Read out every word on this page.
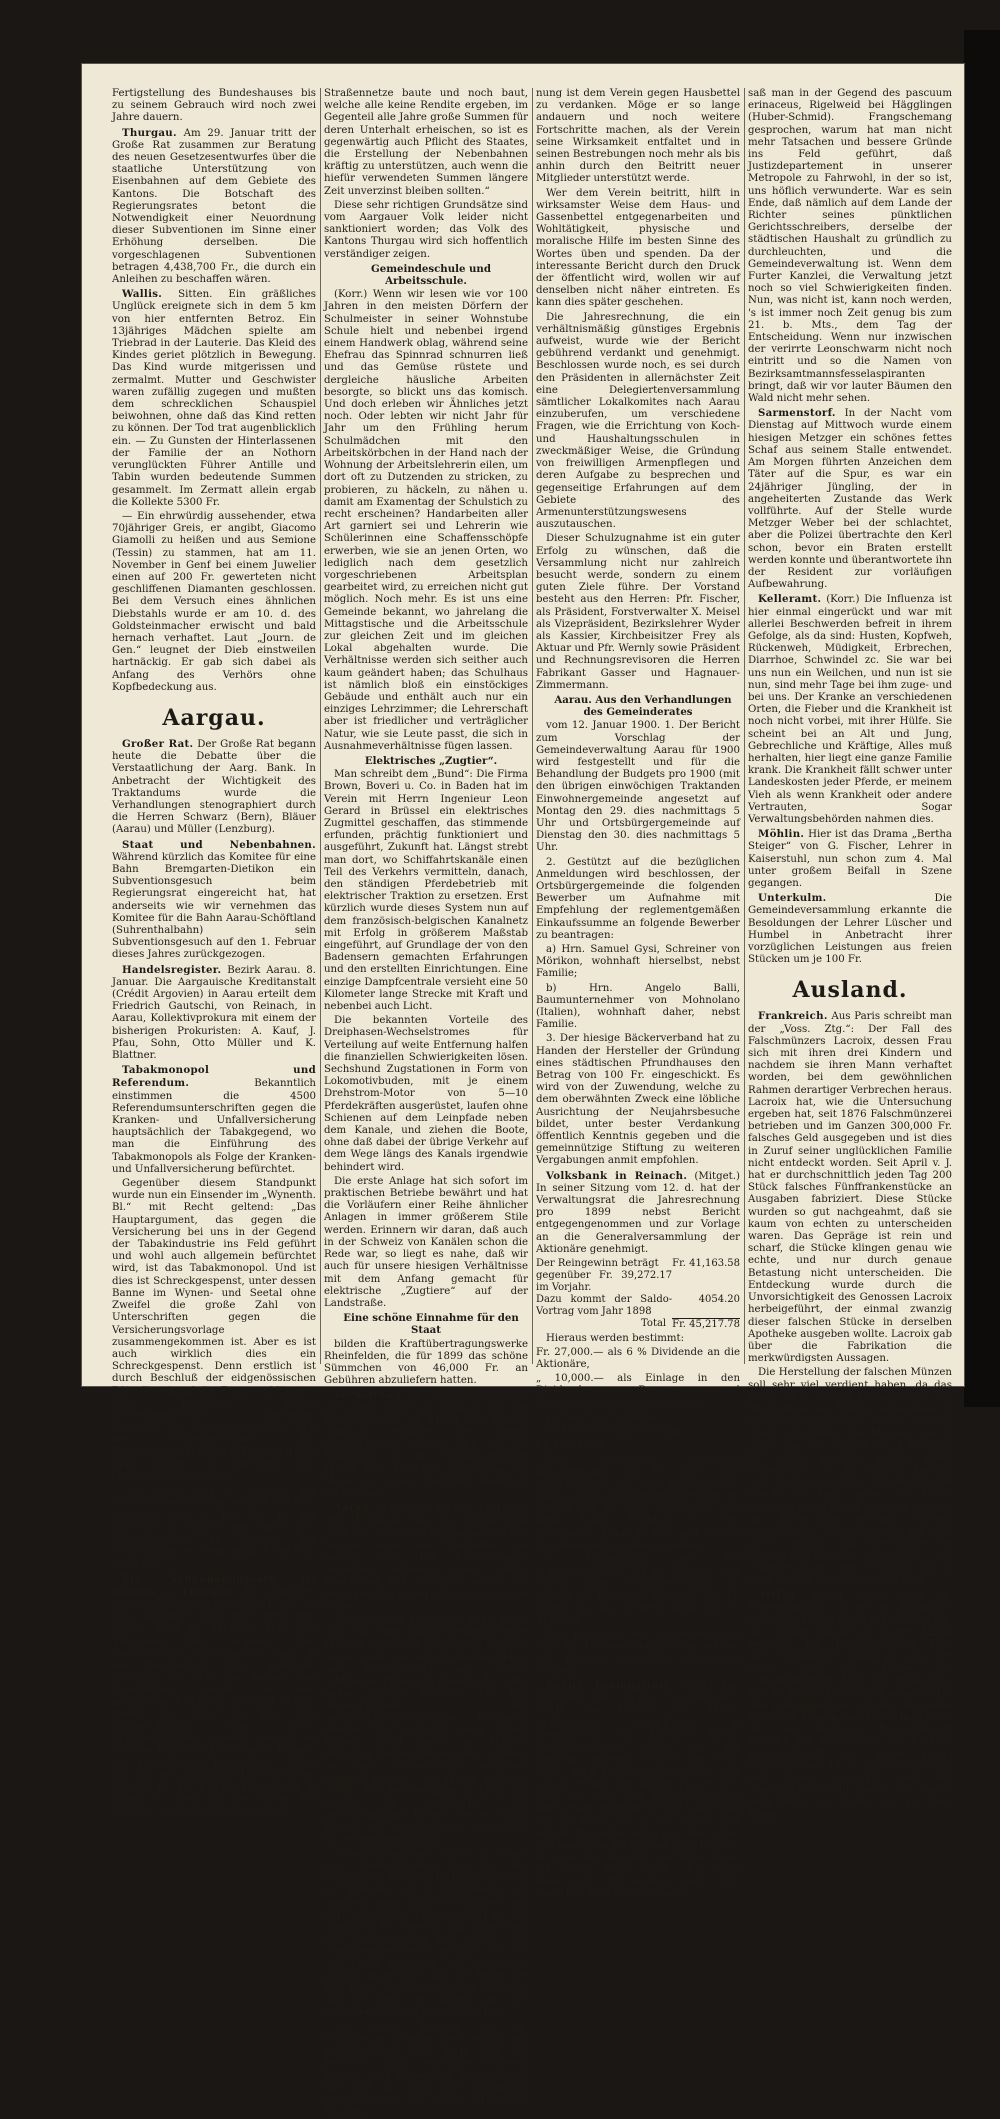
Fertigstellung des Bundeshauses bis zu seinem Gebrauch wird noch zwei Jahre dauern.

Thurgau. Am 29. Januar tritt der Große Rat zusammen zur Beratung des neuen Gesetzesentwurfes über die staatliche Unterstützung von Eisenbahnen auf dem Gebiete des Kantons. Die Botschaft des Regierungsrates betont die Notwendigkeit einer Neuordnung dieser Subventionen im Sinne einer Erhöhung derselben. Die vorgeschlagenen Subventionen betragen 4,438,700 Fr., die durch ein Anleihen zu beschaffen wären.

Wallis. Sitten. Ein gräßliches Unglück ereignete sich in dem 5 km von hier entfernten Betroz. Ein 13jähriges Mädchen spielte am Triebrad in der Lauterie. Das Kleid des Kindes geriet plötzlich in Bewegung. Das Kind wurde mitgerissen und zermalmt. Mutter und Geschwister waren zufällig zugegen und mußten dem schrecklichen Schauspiel beiwohnen, ohne daß das Kind retten zu können. Der Tod trat augenblicklich ein. — Zu Gunsten der Hinterlassenen der Familie der an Nothorn verunglückten Führer Antille und Tabin wurden bedeutende Summen gesammelt. Im Zermatt allein ergab die Kollekte 5300 Fr.

— Ein ehrwürdig aussehender, etwa 70jähriger Greis, er angibt, Giacomo Giamolli zu heißen und aus Semione (Tessin) zu stammen, hat am 11. November in Genf bei einem Juwelier einen auf 200 Fr. gewerteten nicht geschliffenen Diamanten geschlossen. Bei dem Versuch eines ähnlichen Diebstahls wurde er am 10. d. des Goldsteinmacher erwischt und bald hernach verhaftet. Laut „Journ. de Gen.“ leugnet der Dieb einstweilen hartnäckig. Er gab sich dabei als Anfang des Verhörs ohne Kopfbedeckung aus.

Aargau.

Großer Rat. Der Große Rat begann heute die Debatte über die Verstaatlichung der Aarg. Bank. In Anbetracht der Wichtigkeit des Traktandums wurde die Verhandlungen stenographiert durch die Herren Schwarz (Bern), Bläuer (Aarau) und Müller (Lenzburg).

Staat und Nebenbahnen. Während kürzlich das Komitee für eine Bahn Bremgarten-Dietikon ein Subventionsgesuch beim Regierungsrat eingereicht hat, hat anderseits wie wir vernehmen das Komitee für die Bahn Aarau-Schöftland (Suhrenthalbahn) sein Subventionsgesuch auf den 1. Februar dieses Jahres zurückgezogen.

Handelsregister. Bezirk Aarau. 8. Januar. Die Aargauische Kreditanstalt (Crédit Argovien) in Aarau erteilt dem Friedrich Gautschi, von Reinach, in Aarau, Kollektivprokura mit einem der bisherigen Prokuristen: A. Kauf, J. Pfau, Sohn, Otto Müller und K. Blattner.

Tabakmonopol und Referendum.	Bekanntlich einstimmen die 4500 Referendumsunterschriften gegen die Kranken- und Unfallversicherung hauptsächlich der Tabakgegend, wo man die Einführung des Tabakmonopols als Folge der Kranken- und Unfallversicherung befürchtet.

Gegenüber diesem Standpunkt wurde nun ein Einsender im „Wynenth. Bl.“ mit Recht geltend: „Das Hauptargument, das gegen die Versicherung bei uns in der Gegend der Tabakindustrie ins Feld geführt und wohl auch allgemein befürchtet wird, ist das Tabakmonopol. Und ist dies ist Schreckgespenst, unter dessen Banne im Wynen- und Seetal ohne Zweifel die große Zahl von Unterschriften gegen die Versicherungsvorlage zusammengekommen ist. Aber es ist auch wirklich dies ein Schreckgespenst. Denn erstlich ist durch Beschluß der eidgenössischen Räte für einmal die Frage auf längere Zeit begraben. Einem Wiederauferstehen derselben begegnet der monopolfeindliche Sinn des Schweizervolkes. Ein Zeitungsgesetz, das mit Tabak auf den Kopf gestellt ist unterlegt sich vielmehr dem Monopol.

Und wenn auch zu Gunsten der Versicherung — wenn nämlich das Volk zugeben wird — hat der in der Industrie zu Gunsten des Opfers, das dahinschwinde, zu Gunsten der Versicherung — wenn nämlich das Volk nicht will.“

Ein Nebenbahngesetz im Kanton — Thurgau. Ein ähnliches Nebenbahn-Subventionsgesetz, wie es vom Aargauer Volk jetzt verworfen wurde, wird im nächster Zeit dem Thurgauer Volk vorgelegt. Der thurgauische Regierungsrat sagt in der Begründung unter anderem: „Solange es sich um Anlage von Eisenbahnen handelt, die eine ordentliche Rendite in Aussicht stellen, finden sich leicht die Bau- und Betriebskapital ohne große Schwierigkeiten. Anders verhält es sich bei Bahnstrecken zweiten Ranges mit zweifelhafter Rentabilität, deren Bau nur mit staatlicher Unterstützung möglich ist. Die Eisenbahnen treten je länger je mehr an die Stelle der Straßen, und wie der Staat früher

Straßennetze baute und noch baut, welche alle keine Rendite ergeben, im Gegenteil alle Jahre große Summen für deren Unterhalt erheischen, so ist es gegenwärtig auch Pflicht des Staates, die Erstellung der Nebenbahnen kräftig zu unterstützen, auch wenn die hiefür verwendeten Summen längere Zeit unverzinst bleiben sollten.“

Diese sehr richtigen Grundsätze sind vom Aargauer Volk leider nicht sanktioniert worden; das Volk des Kantons Thurgau wird sich hoffentlich verständiger zeigen.

Gemeindeschule und Arbeitsschule.

(Korr.) Wenn wir lesen wie vor 100 Jahren in den meisten Dörfern der Schulmeister in seiner Wohnstube Schule hielt und nebenbei irgend einem Handwerk oblag, während seine Ehefrau das Spinnrad schnurren ließ und das Gemüse rüstete und dergleiche häusliche Arbeiten besorgte, so blickt uns das komisch. Und doch erleben wir Ähnliches jetzt noch. Oder lebten wir nicht Jahr für Jahr um den Frühling herum Schulmädchen mit den Arbeitskörbchen in der Hand nach der Wohnung der Arbeitslehrerin eilen, um dort oft zu Dutzenden zu stricken, zu probieren, zu häckeln, zu nähen u. damit am Examentag der Schulstich zu recht erscheinen? Handarbeiten aller Art garniert sei und Lehrerin wie Schülerinnen eine Schaffensschöpfe erwerben, wie sie an jenen Orten, wo lediglich nach dem gesetzlich vorgeschriebenen Arbeitsplan gearbeitet wird, zu erreichen nicht gut möglich. Noch mehr. Es ist uns eine Gemeinde bekannt, wo jahrelang die Mittagstische und die Arbeitsschule zur gleichen Zeit und im gleichen Lokal abgehalten wurde. Die Verhältnisse werden sich seither auch kaum geändert haben; das Schulhaus ist nämlich bloß ein einstöckiges Gebäude und enthält auch nur ein einziges Lehrzimmer; die Lehrerschaft aber ist friedlicher und verträglicher Natur, wie sie Leute passt, die sich in Ausnahmeverhältnisse fügen lassen.

Elektrisches „Zugtier“.

Man schreibt dem „Bund“: Die Firma Brown, Boveri u. Co. in Baden hat im Verein mit Herrn Ingenieur Leon Gerard in Brüssel ein elektrisches Zugmittel geschaffen, das stimmende erfunden, prächtig funktioniert und ausgeführt, Zukunft hat. Längst strebt man dort, wo Schiffahrtskanäle einen Teil des Verkehrs vermitteln, danach, den ständigen Pferdebetrieb mit elektrischer Traktion zu ersetzen. Erst kürzlich wurde dieses System nun auf dem französisch-belgischen Kanalnetz mit Erfolg in größerem Maßstab eingeführt, auf Grundlage der von den Badensern gemachten Erfahrungen und den erstellten Einrichtungen. Eine einzige Dampfcentrale versieht eine 50 Kilometer lange Strecke mit Kraft und nebenbei auch Licht.

Die bekannten Vorteile des Dreiphasen-Wechselstromes für Verteilung auf weite Entfernung halfen die finanziellen Schwierigkeiten lösen. Sechshund Zugstationen in Form von Lokomotivbuden, mit je einem Drehstrom-Motor von 5—10 Pferdekräften ausgerüstet, laufen ohne Schienen auf dem Leinpfade neben dem Kanale, und ziehen die Boote, ohne daß dabei der übrige Verkehr auf dem Wege längs des Kanals irgendwie behindert wird.

Die erste Anlage hat sich sofort im praktischen Betriebe bewährt und hat die Vorläufern einer Reihe ähnlicher Anlagen in immer größerem Stile werden. Erinnern wir daran, daß auch in der Schweiz von Kanälen schon die Rede war, so liegt es nahe, daß wir auch für unsere hiesigen Verhältnisse mit dem Anfang gemacht für elektrische „Zugtiere“ auf der Landstraße.

Eine schöne Einnahme für den Staat

bilden die Kraftübertragungswerke Rheinfelden, die für 1899 das schöne Sümmchen von 46,000 Fr. an Gebühren abzuliefern hatten.

Verhaftung. In der Untauerstraße zu Luzern wurde am Samstag von der Kantonspolizei ein Meier von Bettwil (Aargau) verhaftet, der wegen Straßenraubes verfolgt wird und des Einbruchs in die Stationsgebäude Mosen und Hitzkirch verdächtig ist. Meier ist wegen Diebstahl mehrfach vorbestraft.

Aarau. (Korresp.) Letzten Mittwoch den 10. Januar fand im Gasthof zum „Ochsen“ die Generalversammlung des Vereins gegen den Hausbettel von Aarau statt. Die Bestrebungen desselben verdienen unsere vollste Beachtung und deswegen lassen wir auch eine kurze Berichterstattung hier folgen.

Der genannte Verein wurde im Jahre 1881 von einer Anzahl gemeinnütziger Männer von Aarau gegründet, um dem immer mehr um sich greifenden Haus- und Gassenbettel mit seinen schlimmen Folgen zu steuern. Es sollte dahin gewirkt werden, daß nur unverschuldete und unterstützungsbedürftige Personen, welche von auswärts nach Aarau kamen, nicht mehr die Häuser absuchen und betteln müßten, sondern an eine Almosenstelle gewiesen werden können, wo ihnen geholfen würde. Die Bestrebungen richten sich gegen die handwerks- und gewerbsmäßige Bettel, wie er durch Kinder und arbeitsscheue, liederliche Leute betrieben wurde.

Dementsprechend wurde in Aarau eine Centralstation und in den Gemeinden des Bezirks Lokalstationen mit Komitee von 3 Mitgliedern, von welchen einem nicht Ortsbürger sein darf, gegründet. Ferner gehört zu den Aufgaben des Vereins und Almosenier der Centralstation bei erfolg- und segensreicher Weise gewirkt, viel Not und Elend gemildert und namentlich darauf hingewirkt, daß die Hülfe der Zeit keine Bettel ergebenen Personen auf die Bahn der Arbeit und des sittlichen Wandels geleitet werden.

Das beste Zeugnis für die erfolgreiche Tätigkeit der Central- und Lokalstationen liegt darin, daß der Bettel in Aarau gegenüber früheren Jahren ganz bedeutend abgenommen hat und sie auch fast vollständig verschwunden ist. Diese erfreuliche Erschei-

nung ist dem Verein gegen Hausbettel zu verdanken. Möge er so lange andauern und noch weitere Fortschritte machen, als der Verein seine Wirksamkeit entfaltet und in seinen Bestrebungen noch mehr als bis anhin durch den Beitritt neuer Mitglieder unterstützt werde.

Wer dem Verein beitritt, hilft in wirksamster Weise dem Haus- und Gassenbettel entgegenarbeiten und Wohltätigkeit, physische und moralische Hilfe im besten Sinne des Wortes üben und spenden. Da der interessante Bericht durch den Druck der öffentlicht wird, wollen wir auf denselben nicht näher eintreten. Es kann dies später geschehen.

Die Jahresrechnung, die ein verhältnismäßig günstiges Ergebnis aufweist, wurde wie der Bericht gebührend verdankt und genehmigt. Beschlossen wurde noch, es sei durch den Präsidenten in allernächster Zeit eine Delegiertenversammlung sämtlicher Lokalkomites nach Aarau einzuberufen, um verschiedene Fragen, wie die Errichtung von Koch- und Haushaltungsschulen in zweckmäßiger Weise, die Gründung von freiwilligen Armenpflegen und deren Aufgabe zu besprechen und gegenseitige Erfahrungen auf dem Gebiete des Armenunterstützungswesens auszutauschen.

Dieser Schulzugnahme ist ein guter Erfolg zu wünschen, daß die Versammlung nicht nur zahlreich besucht werde, sondern zu einem guten Ziele führe. Der Vorstand besteht aus den Herren: Pfr. Fischer, als Präsident, Forstverwalter X. Meisel als Vizepräsident, Bezirkslehrer Wyder als Kassier, Kirchbeisitzer Frey als Aktuar und Pfr. Wernly sowie Präsident und Rechnungsrevisoren die Herren Fabrikant Gasser und Hagnauer-Zimmermann.

Aarau. Aus den Verhandlungen des Gemeinderates

vom 12. Januar 1900. 1. Der Bericht zum Vorschlag der Gemeindeverwaltung Aarau für 1900 wird festgestellt und für die Behandlung der Budgets pro 1900 (mit den übrigen einwöchigen Traktanden Einwohnergemeinde angesetzt auf Montag den 29. dies nachmittags 5 Uhr und Ortsbürgergemeinde auf Dienstag den 30. dies nachmittags 5 Uhr.

2. Gestützt auf die bezüglichen Anmeldungen wird beschlossen, der Ortsbürgergemeinde die folgenden Bewerber um Aufnahme mit Empfehlung der reglementgemäßen Einkaufssumme an folgende Bewerber zu beantragen:

a) Hrn. Samuel Gysi, Schreiner von Mörikon, wohnhaft hierselbst, nebst Familie;

b) Hrn. Angelo Balli, Baumunternehmer von Mohnolano (Italien), wohnhaft daher, nebst Familie.

3. Der hiesige Bäckerverband hat zu Handen der Hersteller der Gründung eines städtischen Pfrundhauses den Betrag von 100 Fr. eingeschickt. Es wird von der Zuwendung, welche zu dem oberwähnten Zweck eine löbliche Ausrichtung der Neujahrsbesuche bildet, unter bester Verdankung öffentlich Kenntnis gegeben und die gemeinnützige Stiftung zu weiteren Vergabungen anmit empfohlen.

Volksbank in Reinach. (Mitget.) In seiner Sitzung vom 12. d. hat der Verwaltungsrat die Jahresrechnung pro 1899 nebst Bericht entgegengenommen und zur Vorlage an die Generalversammlung der Aktionäre genehmigt.

Der Reingewinn beträgt	Fr. 41,163.58
gegenüber Fr. 39,272.17 im Vorjahr.	
Dazu kommt der Saldo-Vortrag vom Jahr 1898	4054.20
Total	Fr. 45,217.78

Hieraus werden bestimmt:

Fr. 27,000.— als 6 % Dividende an die Aktionäre,

„ 10,000.— als Einlage in den Dividenden-, Reserve- und Dispositionsfonds der Aktionäre,

„ 4,374.45 als Tantième,

„ 3,843.33 als Saldo-Vortrag.

Fr. 45,217.78.

Eine abermalige freiwillige Abschreibung von Fr. 3000 wird vorgenommen auf dem Bankgebäude-Conto und zu wohltätigen Zwecken ein Betrag von Fr. 500 ausgesetzt, was beim Konto Fränkal Fr. 500 zukommen. Beide Posten sind bereits vom Reingewinn abgeschrieben.

In Verbindung mit der Kapitalerhöhung auf Fr. 500,000 und durch obige Gewinnverteilung ist wieder die Reserven abermals um Fr. 30,000 zu, und steigen damit auf Fr. 110,000.

Zur Passation der Jahresrechnung wird die Aktionärversammlung auf den 10. Februar nächsthin einberufen werden.

Bezirk Bremgarten. (Korr.) Die Nummer der „Aarg. Nachrichten“, worin die Lesern den Herrn Stadtrichter Suter-Furrer in Bremgarten vom Rücktritt Herrn Bezirksamtmann Seiler sel. zur Kenntnis gegeben wurde, hat noch nicht ganz trockener geworden und schon ertönte die bange Frage: Wer wird nun jetzt den frei gewordenen Amtssessel einnehmen? Wie bange und wie so rasch es an der Stelle und ernster Bewerber nötig hat. Wie sollen wie kann man nicht ganz unterrichten, ob man das Richtige getroffen habe. Da sprach einer Mann: „Ich hätte keine Lust!“ Ein anderer sagte: „Wir brauchen kein neuen Namen“.

saß man in der Gegend des pascuum erinaceus, Rigelweid bei Hägglingen (Huber-Schmid). Frangschemang gesprochen, warum hat man nicht mehr Tatsachen und bessere Gründe ins Feld geführt, daß Justizdepartement in unserer Metropole zu Fahrwohl, in der so ist, uns höflich verwunderte. War es sein Ende, daß nämlich auf dem Lande der Richter seines pünktlichen Gerichtsschreibers, derselbe der städtischen Haushalt zu gründlich zu durchleuchten, und die Gemeindeverwaltung ist. Wenn dem Furter Kanzlei, die Verwaltung jetzt noch so viel Schwierigkeiten finden. Nun, was nicht ist, kann noch werden, 's ist immer noch Zeit genug bis zum 21. b. Mts., dem Tag der Entscheidung. Wenn nur inzwischen der verirrte Leonschwarm nicht noch eintritt und so die Namen von Bezirksamtmannsfesselaspiranten bringt, daß wir vor lauter Bäumen den Wald nicht mehr sehen.

Sarmenstorf. In der Nacht vom Dienstag auf Mittwoch wurde einem hiesigen Metzger ein schönes fettes Schaf aus seinem Stalle entwendet. Am Morgen führten Anzeichen dem Täter auf die Spur, es war ein 24jähriger Jüngling, der in angeheiterten Zustande das Werk vollführte. Auf der Stelle wurde Metzger Weber bei der schlachtet, aber die Polizei übertrachte den Kerl schon, bevor ein Braten erstellt werden konnte und überantwortete ihn der Resident zur vorläufigen Aufbewahrung.

Kelleramt. (Korr.) Die Influenza ist hier einmal eingerückt und war mit allerlei Beschwerden befreit in ihrem Gefolge, als da sind: Husten, Kopfweh, Rückenweh, Müdigkeit, Erbrechen, Diarrhoe, Schwindel zc. Sie war bei uns nun ein Weilchen, und nun ist sie nun, sind mehr Tage bei ihm zuge- und bei uns. Der Kranke an verschiedenen Orten, die Fieber und die Krankheit ist noch nicht vorbei, mit ihrer Hülfe. Sie scheint bei an Alt und Jung, Gebrechliche und Kräftige, Alles muß herhalten, hier liegt eine ganze Familie krank. Die Krankheit fällt schwer unter Landeskosten jeder Pferde, er meinem Vieh als wenn Krankheit oder andere Vertrauten, Sogar Verwaltungsbehörden nahmen dies.

Möhlin. Hier ist das Drama „Bertha Steiger“ von G. Fischer, Lehrer in Kaiserstuhl, nun schon zum 4. Mal unter großem Beifall in Szene gegangen.

Unterkulm.	Die Gemeindeversammlung erkannte die Besoldungen der Lehrer Lüscher und Humbel in Anbetracht ihrer vorzüglichen Leistungen aus freien Stücken um je 100 Fr.

Ausland.

Frankreich. Aus Paris schreibt man der „Voss. Ztg.“: Der Fall des Falschmünzers Lacroix, dessen Frau sich mit ihren drei Kindern und nachdem sie ihren Mann verhaftet worden, bei dem gewöhnlichen Rahmen derartiger Verbrechen heraus. Lacroix hat, wie die Untersuchung ergeben hat, seit 1876 Falschmünzerei betrieben und im Ganzen 300,000 Fr. falsches Geld ausgegeben und ist dies in Zuruf seiner unglücklichen Familie nicht entdeckt worden. Seit April v. J. hat er durchschnittlich jeden Tag 200 Stück falsches Fünffrankenstücke an Ausgaben fabriziert. Diese Stücke wurden so gut nachgeahmt, daß sie kaum von echten zu unterscheiden waren. Das Gepräge ist rein und scharf, die Stücke klingen genau wie echte, und nur durch genaue Betastung nicht unterscheiden. Die Entdeckung wurde durch die Unvorsichtigkeit des Genossen Lacroix herbeigeführt, der einmal zwanzig dieser falschen Stücke in derselben Apotheke ausgeben wollte. Lacroix gab über die Fabrikation die merkwürdigsten Aussagen.

Die Herstellung der falschen Münzen soll sehr viel verdient haben, da das Silber nicht billiger zu haben ist. Zur Herstellung der Münze verwendete er 900/1000 feines Silber, so viel, wie der Staat vorschreibt. Die Münzen, die er selbst um den Betrag von 1 Franken für Stück machte, hatten mehr Silbergehalt als die echten. Lacroix sagt, daß er ungefähr 150,000 falsche Stücke in Paris unter die Leute gebracht habe. Durch ein ganz fein auf die Entdeckung erfolgte Prüfung wurde in der Tat festgestellt, daß man durch Gewicht und Wiedergabe die Münzenfälschungen besonders gut erkennen kann. Sein Geschäft war in ganz kleiner Umfang eingerichtet.

Afrika. Khaki nennt man die Tropenuniform, in der die Engländer gegen die Buren fechten. Das Wort wie die Uniform kommt aus Indien. Khaki bedeutet im Hindostanischen Erd- oder Staubfarbe, Khaki ist also der Staub und die Farbe der schmutziggelben Erde von Hindostan. Seit 20 Jahren haben die Engländer für ihre Kolonialarmee in Indien die heiße Hitze der Tropen eine Uniform gehabt, die aus leichtem Baumwollstoff besteht. Die Uniform ist aus leichten Baumwollstoff, ein ganze Khaki Uniform etwa 14 Fr. Die Stiefel sind aus Leder gemacht, und den sogenannten Schuh gegen die Sonne, dem Helm von Kork, aus auf dem Kopfe.
